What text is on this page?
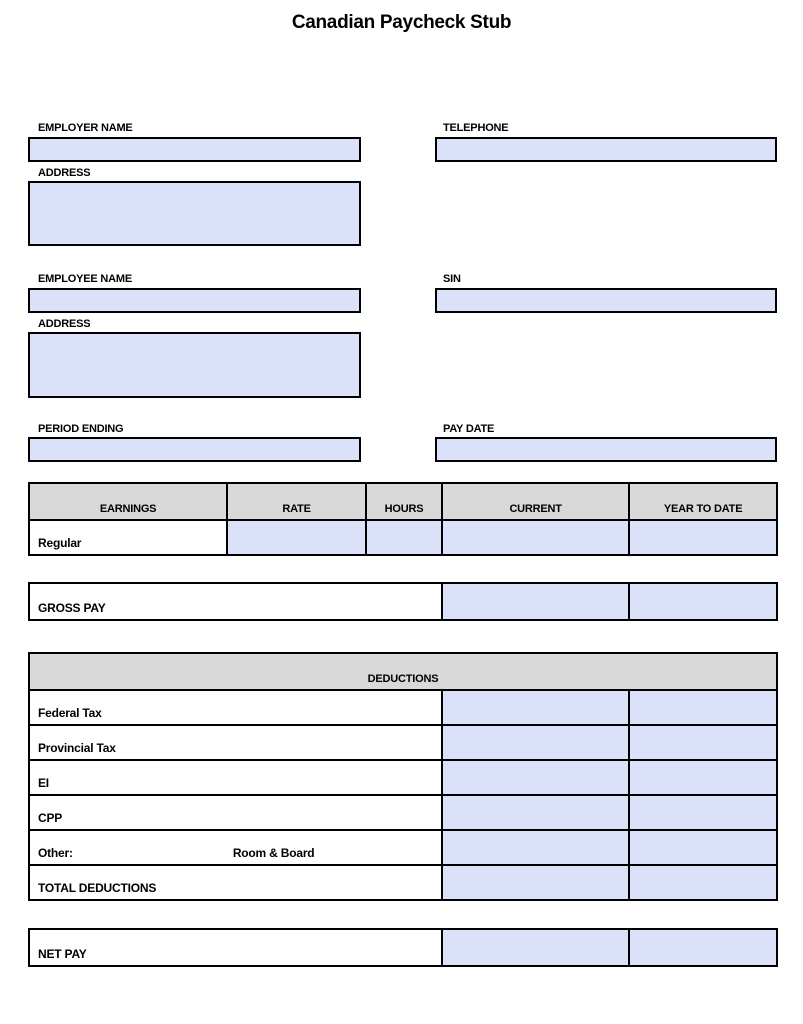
Canadian Paycheck Stub
EMPLOYER NAME	TELEPHONE
ADDRESS
EMPLOYEE NAME	SIN
ADDRESS
PERIOD ENDING	PAY DATE
EARNINGS	RATE	HOURS	CURRENT	YEAR TO DATE
Regular
GROSS PAY
DEDUCTIONS
Federal Tax
Provincial Tax
EI
CPP
Other:	Room & Board
TOTAL DEDUCTIONS
NET PAY
